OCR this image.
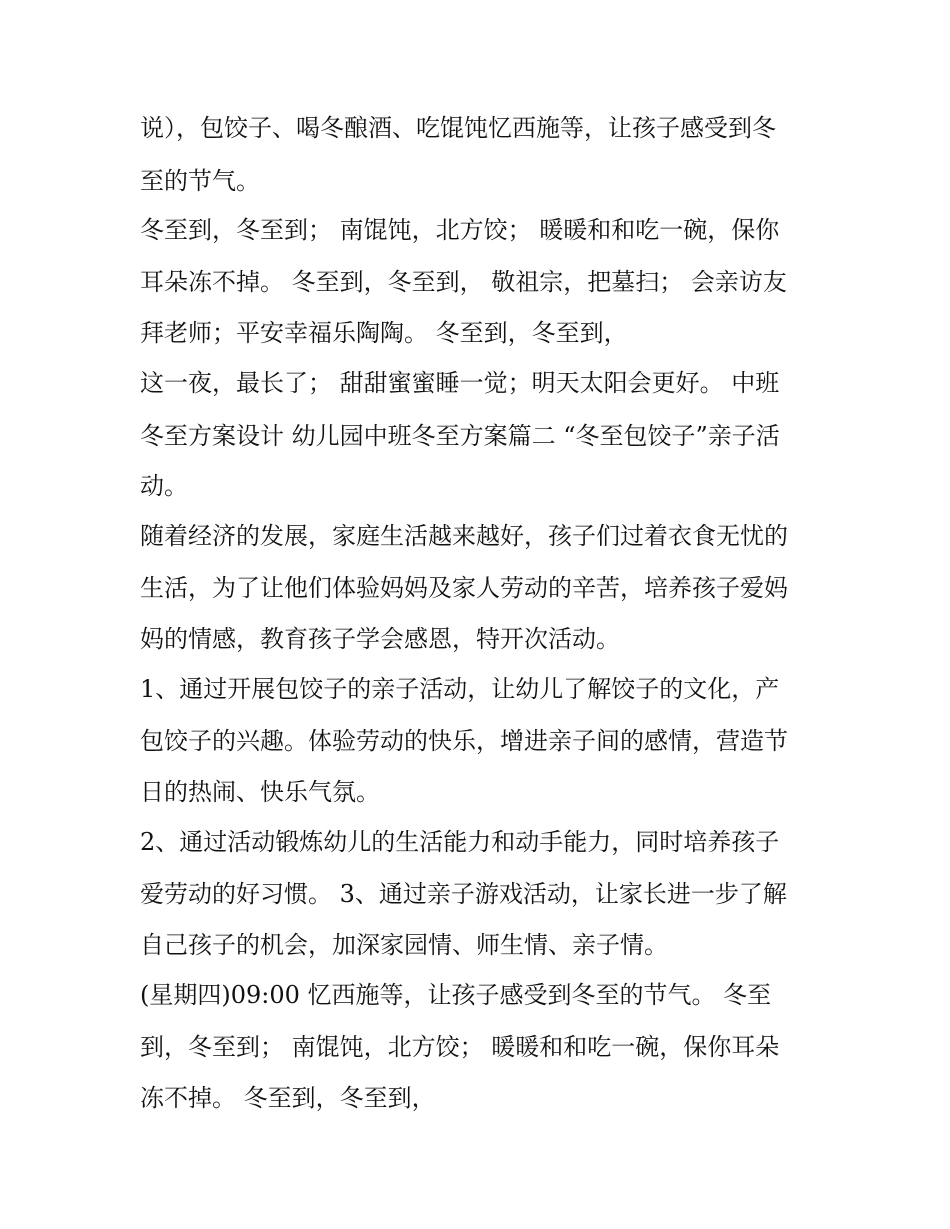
说），包饺子、喝冬酿酒、吃馄饨忆西施等，让孩子感受到冬
至的节气。
冬至到，冬至到； 南馄饨，北方饺； 暖暖和和吃一碗，保你
耳朵冻不掉。 冬至到，冬至到， 敬祖宗，把墓扫； 会亲访友
拜老师；平安幸福乐陶陶。 冬至到，冬至到，
这一夜，最长了； 甜甜蜜蜜睡一觉；明天太阳会更好。 中班
冬至方案设计 幼儿园中班冬至方案篇二 “冬至包饺子”亲子活
动。
随着经济的发展，家庭生活越来越好，孩子们过着衣食无忧的
生活，为了让他们体验妈妈及家人劳动的辛苦，培养孩子爱妈
妈的情感，教育孩子学会感恩，特开次活动。
1、通过开展包饺子的亲子活动，让幼儿了解饺子的文化，产
包饺子的兴趣。体验劳动的快乐，增进亲子间的感情，营造节
日的热闹、快乐气氛。
2、通过活动锻炼幼儿的生活能力和动手能力，同时培养孩子
爱劳动的好习惯。 3、通过亲子游戏活动，让家长进一步了解
自己孩子的机会，加深家园情、师生情、亲子情。
(星期四)09:00 忆西施等，让孩子感受到冬至的节气。 冬至
到，冬至到； 南馄饨，北方饺； 暖暖和和吃一碗，保你耳朵
冻不掉。 冬至到，冬至到，
